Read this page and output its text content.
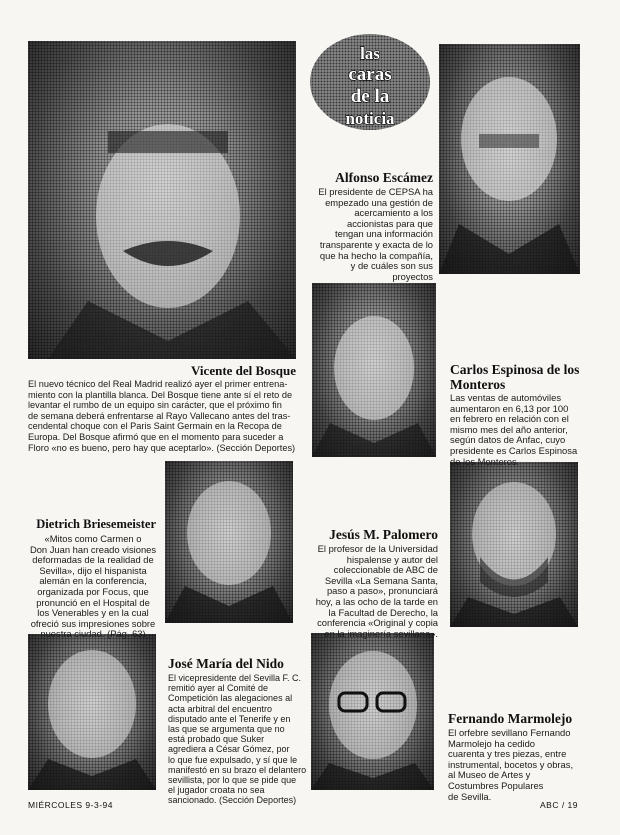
las
caras
de la
noticia
Alfonso Escámez
El presidente de CEPSA ha
empezado una gestión de
acercamiento a los
accionistas para que
tengan una información
transparente y exacta de lo
que ha hecho la compañía,
y de cuáles son sus
proyectos
Vicente del Bosque
El nuevo técnico del Real Madrid realizó ayer el primer entrena-
miento con la plantilla blanca. Del Bosque tiene ante sí el reto de
levantar el rumbo de un equipo sin carácter, que el próximo fin
de semana deberá enfrentarse al Rayo Vallecano antes del tras-
cendental choque con el Paris Saint Germain en la Recopa de
Europa. Del Bosque afirmó que en el momento para suceder a
Floro «no es bueno, pero hay que aceptarlo». (Sección Deportes)
Carlos Espinosa de los
Monteros
Las ventas de automóviles
aumentaron en 6,13 por 100
en febrero en relación con el
mismo mes del año anterior,
según datos de Anfac, cuyo
presidente es Carlos Espinosa
de los Monteros.
Dietrich Briesemeister
«Mitos como Carmen o
Don Juan han creado visiones
deformadas de la realidad de
Sevilla», dijo el hispanista
alemán en la conferencia,
organizada por Focus, que
pronunció en el Hospital de
los Venerables y en la cual
ofreció sus impresiones sobre
nuestra ciudad. (Pág. 63)
Jesús M. Palomero
El profesor de la Universidad
hispalense y autor del
coleccionable de ABC de
Sevilla «La Semana Santa,
paso a paso», pronunciará
hoy, a las ocho de la tarde en
la Facultad de Derecho, la
conferencia «Original y copia
en la imaginería sevillana».
José María del Nido
El vicepresidente del Sevilla F. C.
remitió ayer al Comité de
Competición las alegaciones al
acta arbitral del encuentro
disputado ante el Tenerife y en
las que se argumenta que no
está probado que Suker
agrediera a César Gómez, por
lo que fue expulsado, y sí que le
manifestó en su brazo el delantero
sevillista, por lo que se pide que
el jugador croata no sea
sancionado. (Sección Deportes)
Fernando Marmolejo
El orfebre sevillano Fernando
Marmolejo ha cedido
cuarenta y tres piezas, entre
instrumental, bocetos y obras,
al Museo de Artes y
Costumbres Populares
de Sevilla.
MIÉRCOLES 9-3-94	ABC / 19
